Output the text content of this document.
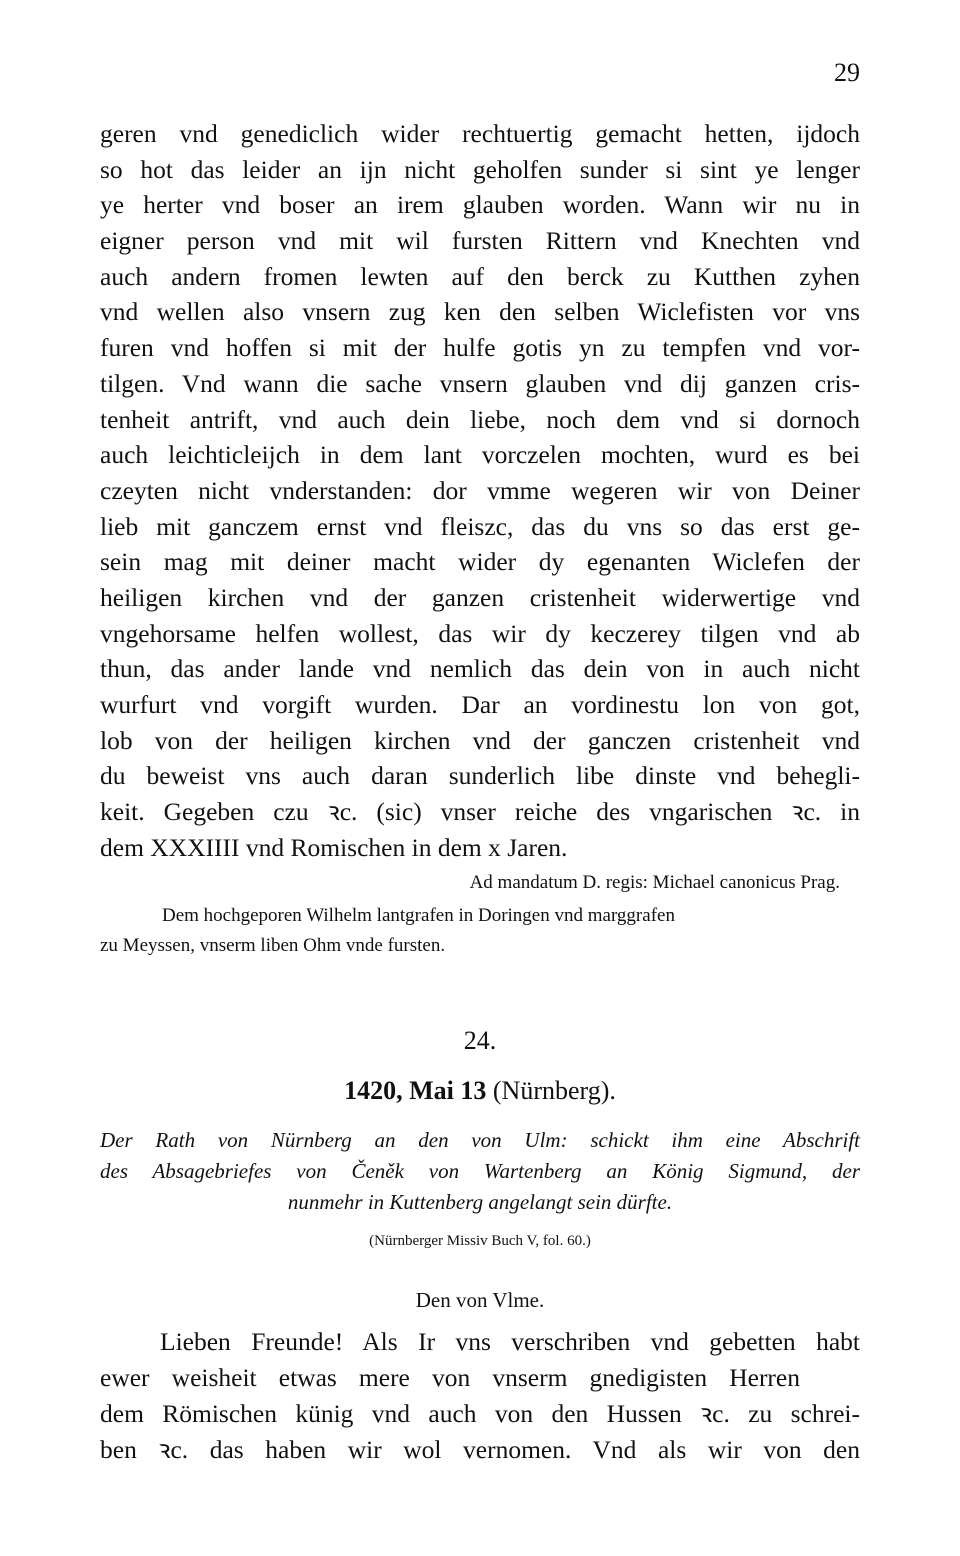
29
geren vnd genediclich wider rechtuertig gemacht hetten, ijdoch
so hot das leider an ijn nicht geholfen sunder si sint ye lenger
ye herter vnd boser an irem glauben worden. Wann wir nu in
eigner person vnd mit wil fursten Rittern vnd Knechten vnd
auch andern fromen lewten auf den berck zu Kutthen zyhen
vnd wellen also vnsern zug ken den selben Wiclefisten vor vns
furen vnd hoffen si mit der hulfe gotis yn zu tempfen vnd vor-
tilgen. Vnd wann die sache vnsern glauben vnd dij ganzen cris-
tenheit antrift, vnd auch dein liebe, noch dem vnd si dornoch
auch leichticleijch in dem lant vorczelen mochten, wurd es bei
czeyten nicht vnderstanden: dor vmme wegeren wir von Deiner
lieb mit ganczem ernst vnd fleiszc, das du vns so das erst ge-
sein mag mit deiner macht wider dy egenanten Wiclefen der
heiligen kirchen vnd der ganzen cristenheit widerwertige vnd
vngehorsame helfen wollest, das wir dy keczerey tilgen vnd ab
thun, das ander lande vnd nemlich das dein von in auch nicht
wurfurt vnd vorgift wurden. Dar an vordinestu lon von got,
lob von der heiligen kirchen vnd der ganczen cristenheit vnd
du beweist vns auch daran sunderlich libe dinste vnd behegli-
keit. Gegeben czu ꝛc. (sic) vnser reiche des vngarischen ꝛc. in
dem XXXIIII vnd Romischen in dem x Jaren.
Ad mandatum D. regis: Michael canonicus Prag.
Dem hochgeporen Wilhelm lantgrafen in Doringen vnd marggrafen
zu Meyssen, vnserm liben Ohm vnde fursten.
24.
1420, Mai 13 (Nürnberg).
Der Rath von Nürnberg an den von Ulm: schickt ihm eine Abschrift
des Absagebriefes von Čeněk von Wartenberg an König Sigmund, der
nunmehr in Kuttenberg angelangt sein dürfte.
(Nürnberger Missiv Buch V, fol. 60.)
Den von Vlme.
Lieben Freunde! Als Ir vns verschriben vnd gebetten habt
ewer weisheit etwas mere von vnserm gnedigisten Herren
dem Römischen künig vnd auch von den Hussen ꝛc. zu schrei-
ben ꝛc. das haben wir wol vernomen. Vnd als wir von den
